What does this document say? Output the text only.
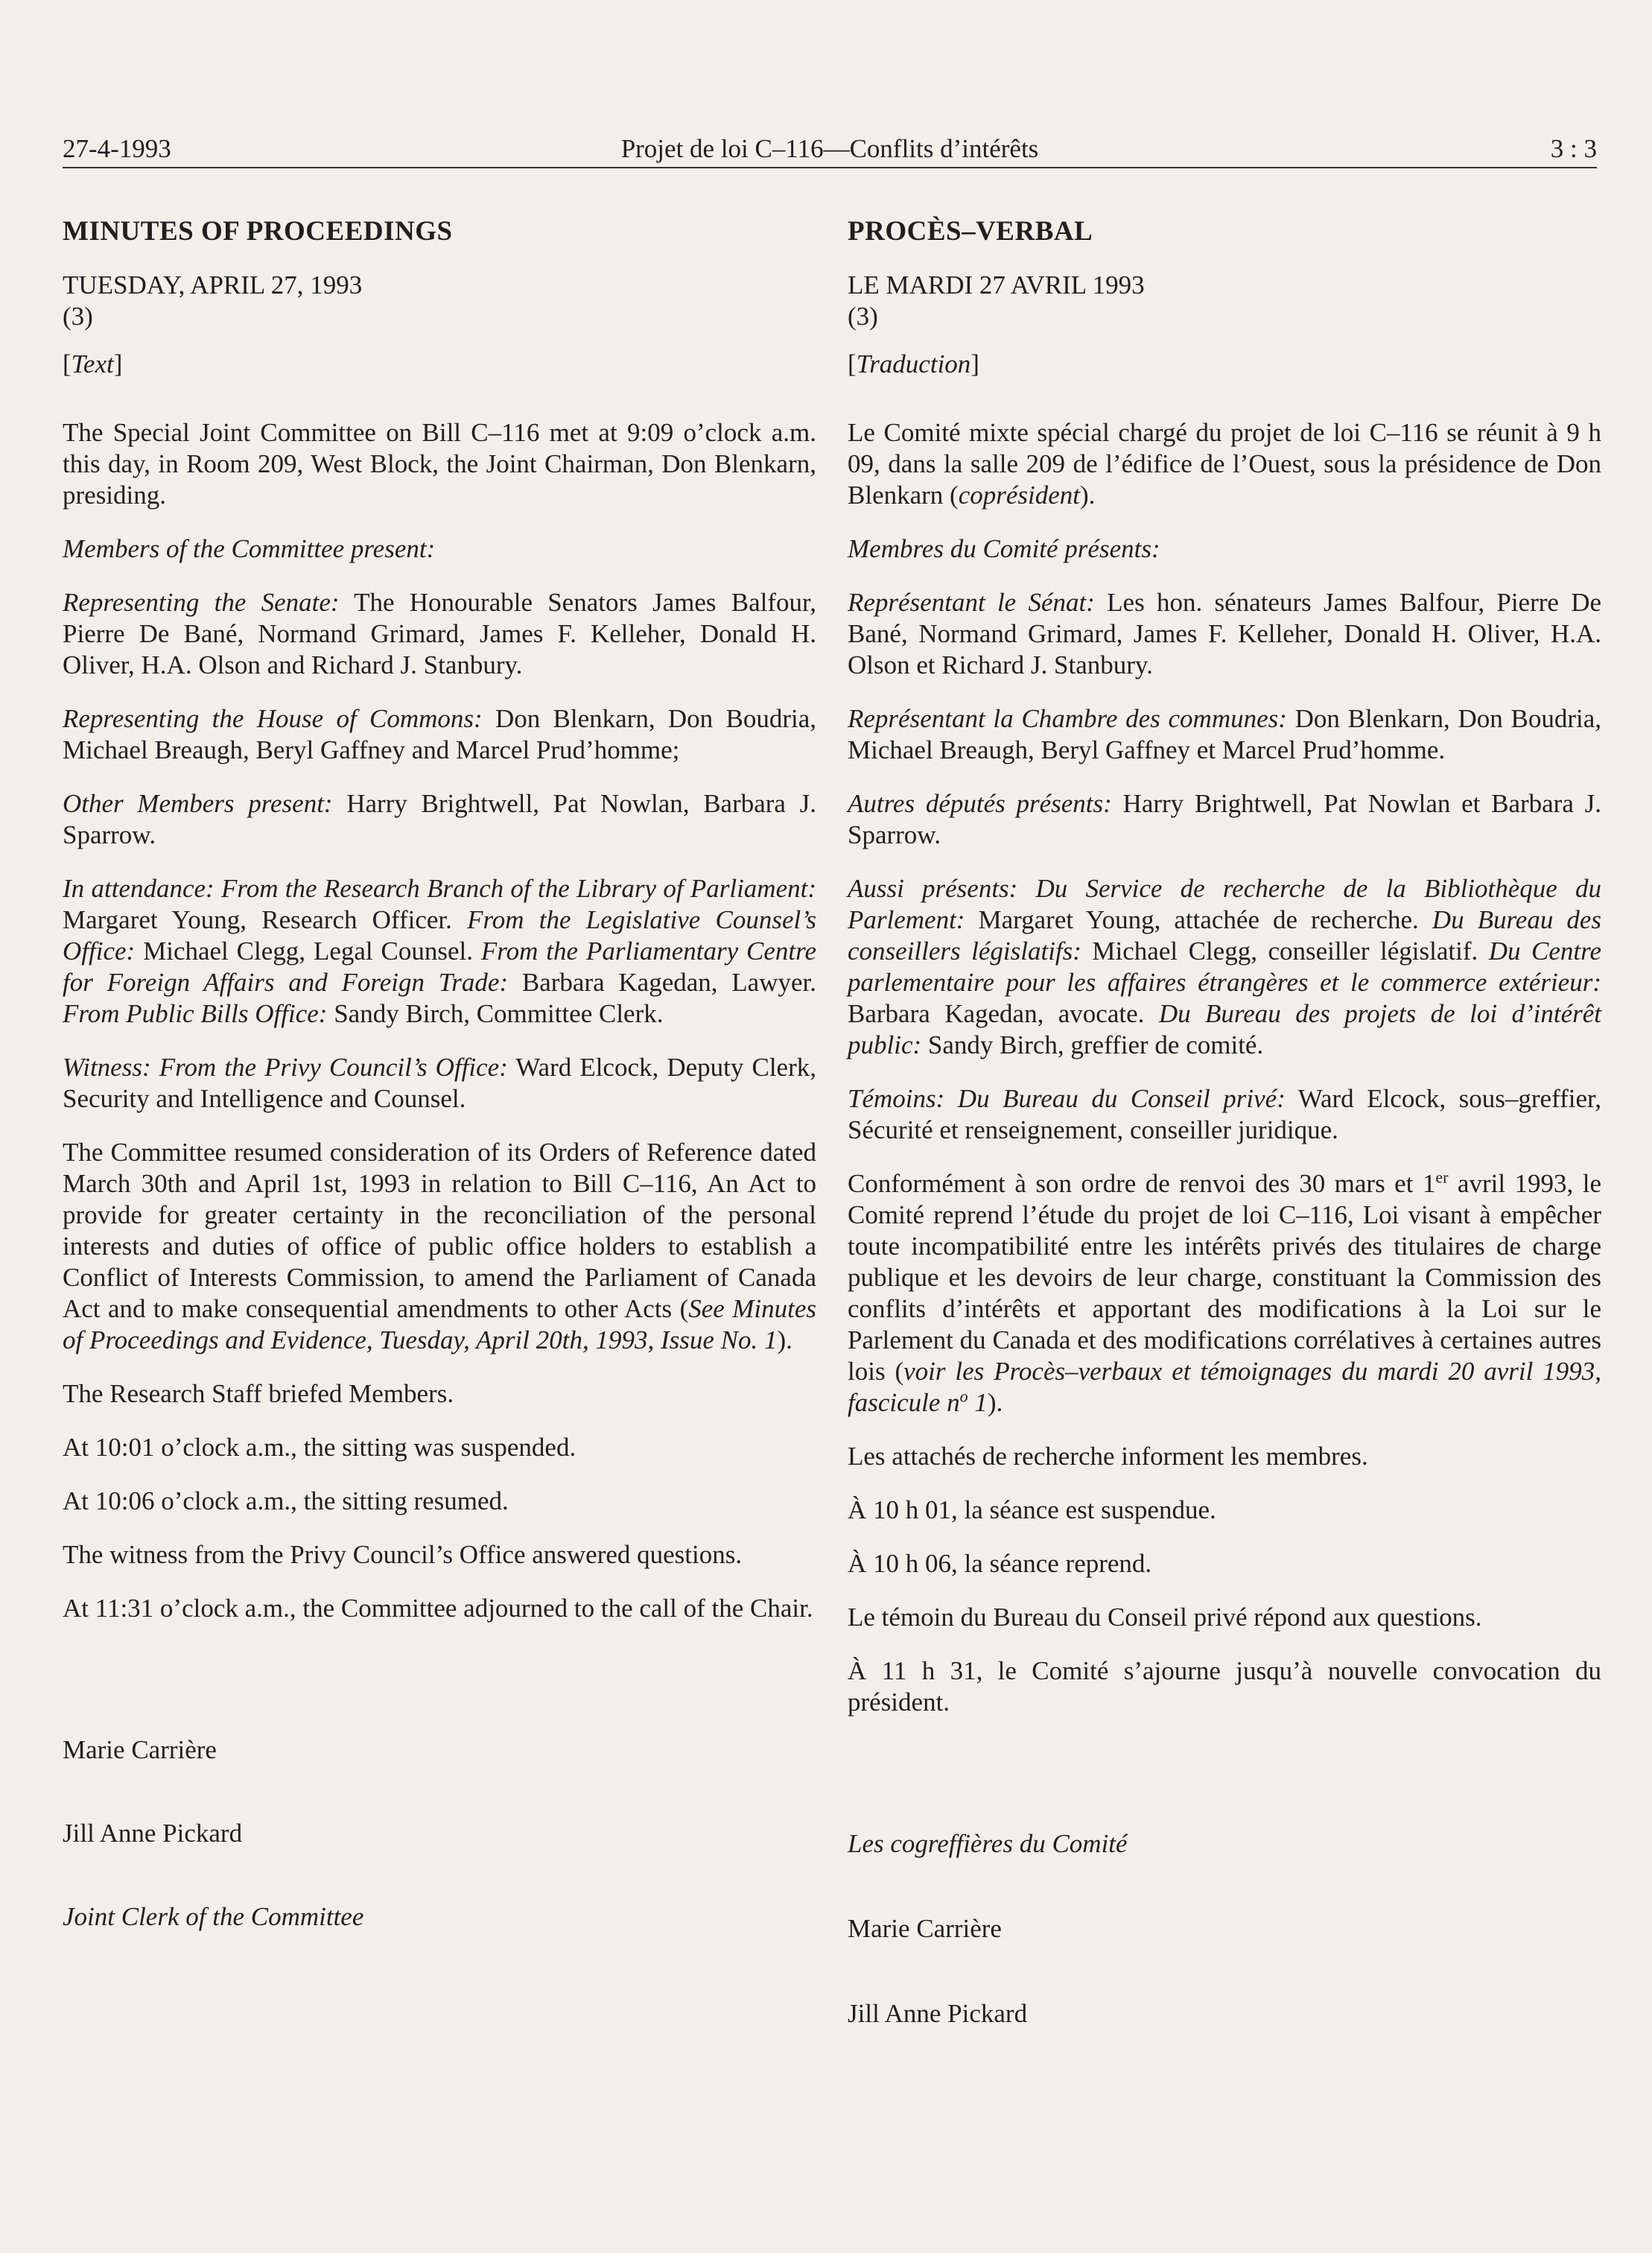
27-4-1993	Projet de loi C–116—Conflits d’intérêts	3 : 3

MINUTES OF PROCEEDINGS

TUESDAY, APRIL 27, 1993

(3)

[ Text ]

The Special Joint Committee on Bill C–116 met at 9:09 o’clock a.m. this day, in Room 209, West Block, the Joint Chairman, Don Blenkarn, presiding.

Members of the Committee present:

Representing the Senate: The Honourable Senators James Balfour, Pierre De Bané, Normand Grimard, James F. Kelleher, Donald H. Oliver, H.A. Olson and Richard J. Stanbury.

Representing the House of Commons: Don Blenkarn, Don Boudria, Michael Breaugh, Beryl Gaffney and Marcel Prud’homme;

Other Members present: Harry Brightwell, Pat Nowlan, Barbara J. Sparrow.

In attendance: From the Research Branch of the Library of Parliament: Margaret Young, Research Officer. From the Legislative Counsel’s Office: Michael Clegg, Legal Counsel. From the Parliamentary Centre for Foreign Affairs and Foreign Trade: Barbara Kagedan, Lawyer. From Public Bills Office: Sandy Birch, Committee Clerk.

Witness: From the Privy Council’s Office: Ward Elcock, Deputy Clerk, Security and Intelligence and Counsel.

The Committee resumed consideration of its Orders of Reference dated March 30th and April 1st, 1993 in relation to Bill C–116, An Act to provide for greater certainty in the reconciliation of the personal interests and duties of office of public office holders to establish a Conflict of Interests Commission, to amend the Parliament of Canada Act and to make consequential amendments to other Acts (See Minutes of Proceedings and Evidence, Tuesday, April 20th, 1993, Issue No. 1).

The Research Staff briefed Members.

At 10:01 o’clock a.m., the sitting was suspended.

At 10:06 o’clock a.m., the sitting resumed.

The witness from the Privy Council’s Office answered questions.

At 11:31 o’clock a.m., the Committee adjourned to the call of the Chair.

Marie Carrière

Jill Anne Pickard

Joint Clerk of the Committee

PROCÈS–VERBAL

LE MARDI 27 AVRIL 1993

(3)

[ Traduction ]

Le Comité mixte spécial chargé du projet de loi C–116 se réunit à 9 h 09, dans la salle 209 de l’édifice de l’Ouest, sous la présidence de Don Blenkarn (coprésident).

Membres du Comité présents:

Représentant le Sénat: Les hon. sénateurs James Balfour, Pierre De Bané, Normand Grimard, James F. Kelleher, Donald H. Oliver, H.A. Olson et Richard J. Stanbury.

Représentant la Chambre des communes: Don Blenkarn, Don Boudria, Michael Breaugh, Beryl Gaffney et Marcel Prud’homme.

Autres députés présents: Harry Brightwell, Pat Nowlan et Barbara J. Sparrow.

Aussi présents: Du Service de recherche de la Bibliothèque du Parlement: Margaret Young, attachée de recherche. Du Bureau des conseillers législatifs: Michael Clegg, conseiller législatif. Du Centre parlementaire pour les affaires étrangères et le commerce extérieur: Barbara Kagedan, avocate. Du Bureau des projets de loi d’intérêt public: Sandy Birch, greffier de comité.

Témoins: Du Bureau du Conseil privé: Ward Elcock, sous–greffier, Sécurité et renseignement, conseiller juridique.

Conformément à son ordre de renvoi des 30 mars et 1er avril 1993, le Comité reprend l’étude du projet de loi C–116, Loi visant à empêcher toute incompatibilité entre les intérêts privés des titulaires de charge publique et les devoirs de leur charge, constituant la Commission des conflits d’intérêts et apportant des modifications à la Loi sur le Parlement du Canada et des modifications corrélatives à certaines autres lois (voir les Procès–verbaux et témoignages du mardi 20 avril 1993, fascicule $n^o$ 1).

Les attachés de recherche informent les membres.

À 10 h 01, la séance est suspendue.

À 10 h 06, la séance reprend.

Le témoin du Bureau du Conseil privé répond aux questions.

À 11 h 31, le Comité s’ajourne jusqu’à nouvelle convocation du président.

Les cogreffières du Comité

Marie Carrière

Jill Anne Pickard
